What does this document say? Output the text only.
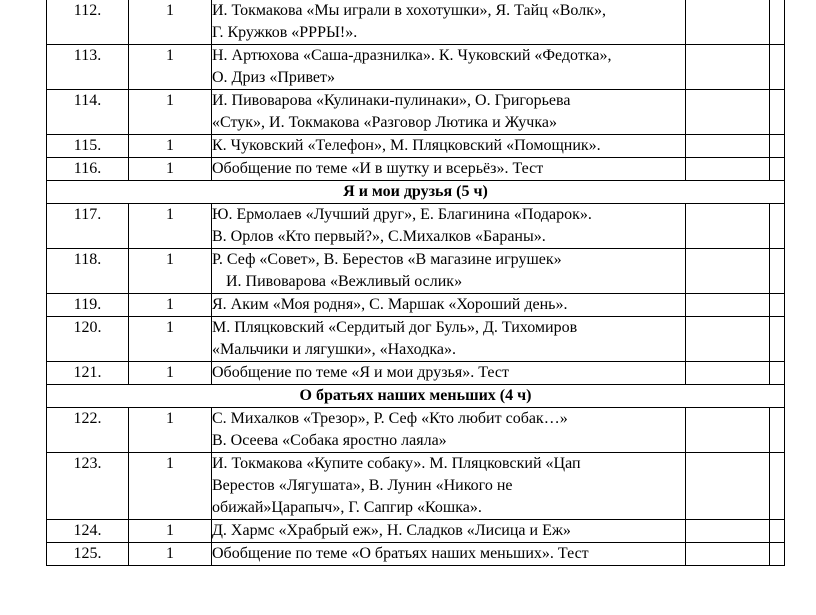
112.	1	И. Токмакова «Мы играли в хохотушки», Я. Тайц «Волк»,
Г. Кружков «РРРЫ!».		

113.	1	Н. Артюхова «Саша-дразнилка». К. Чуковский «Федотка»,
О. Дриз «Привет»		

114.	1	И. Пивоварова «Кулинаки-пулинаки», О. Григорьева
«Стук», И. Токмакова «Разговор Лютика и Жучка»		

115.	1	К. Чуковский «Телефон», М. Пляцковский «Помощник».		

116.	1	Обобщение по теме «И в шутку и всерьёз». Тест		

Я и мои друзья (5 ч)				
117.	1	Ю. Ермолаев «Лучший друг», Е. Благинина «Подарок».
В. Орлов «Кто первый?», С.Михалков «Бараны».		

118.	1	Р. Сеф «Совет», В. Берестов «В магазине игрушек»
И. Пивоварова «Вежливый ослик»		

119.	1	Я. Аким «Моя родня», С. Маршак «Хороший день».		

120.	1	М. Пляцковский «Сердитый дог Буль», Д. Тихомиров
«Мальчики и лягушки», «Находка».		

121.	1	Обобщение по теме «Я и мои друзья». Тест		

О братьях наших меньших (4 ч)				
122.	1	С. Михалков «Трезор», Р. Сеф «Кто любит собак…»
В. Осеева «Собака яростно лаяла»		

123.	1	И. Токмакова «Купите собаку». М. Пляцковский «Цап
Верестов «Лягушата», В. Лунин «Никого не
обижай»Царапыч», Г. Сапгир «Кошка».		

124.	1	Д. Хармс «Храбрый еж», Н. Сладков «Лисица и Еж»		

125.	1	Обобщение по теме «О братьях наших меньших». Тест		
